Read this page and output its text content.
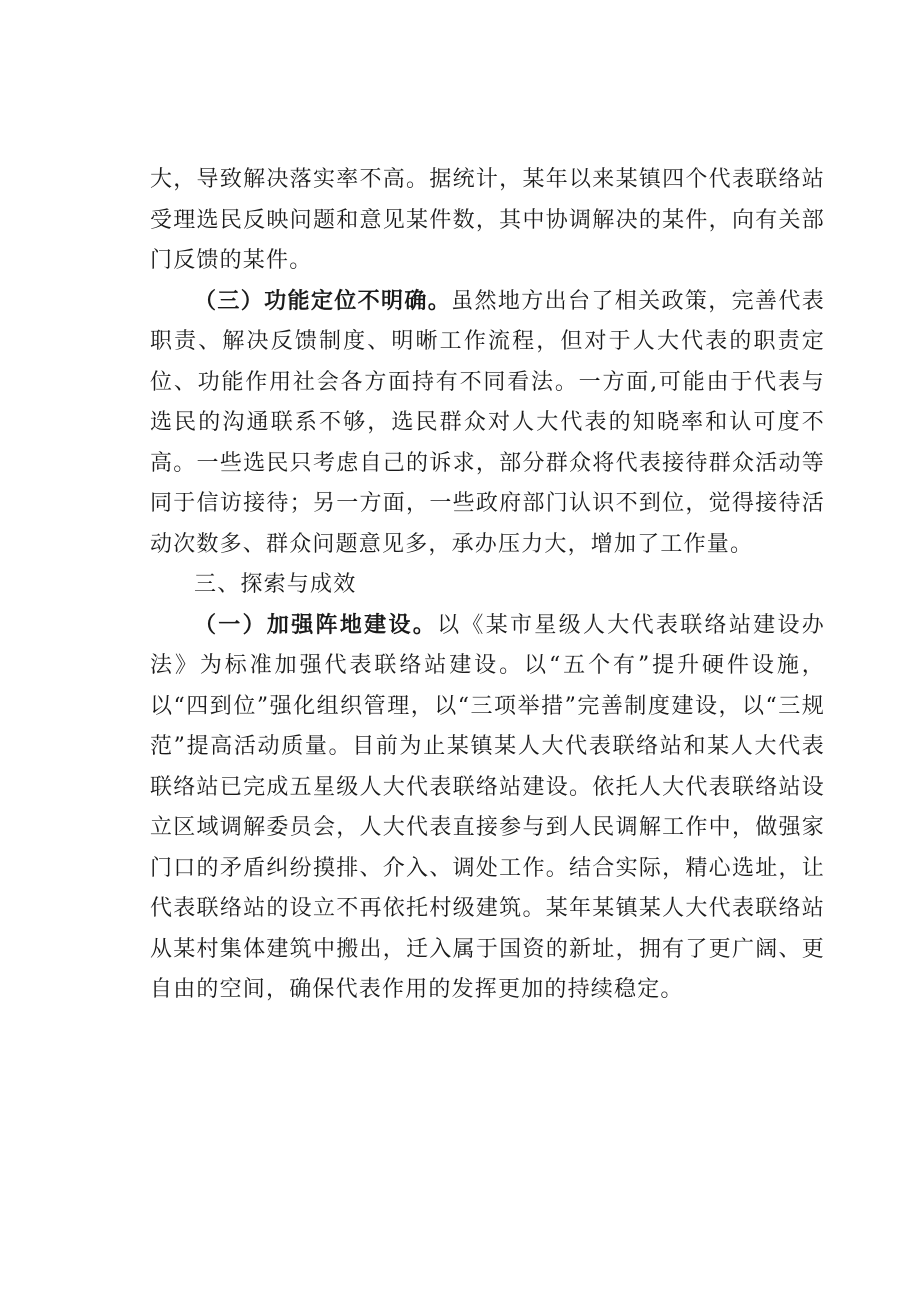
大，导致解决落实率不高。据统计，某年以来某镇四个代表联络站受理选民反映问题和意见某件数，其中协调解决的某件，向有关部门反馈的某件。

（三）功能定位不明确。虽然地方出台了相关政策，完善代表职责、解决反馈制度、明晰工作流程，但对于人大代表的职责定位、功能作用社会各方面持有不同看法。一方面,可能由于代表与选民的沟通联系不够，选民群众对人大代表的知晓率和认可度不高。一些选民只考虑自己的诉求，部分群众将代表接待群众活动等同于信访接待；另一方面，一些政府部门认识不到位，觉得接待活动次数多、群众问题意见多，承办压力大，增加了工作量。

三、探索与成效

（一）加强阵地建设。以《某市星级人大代表联络站建设办法》为标准加强代表联络站建设。以“五个有”提升硬件设施，以“四到位”强化组织管理，以“三项举措”完善制度建设，以“三规范”提高活动质量。目前为止某镇某人大代表联络站和某人大代表联络站已完成五星级人大代表联络站建设。依托人大代表联络站设立区域调解委员会，人大代表直接参与到人民调解工作中，做强家门口的矛盾纠纷摸排、介入、调处工作。结合实际，精心选址，让代表联络站的设立不再依托村级建筑。某年某镇某人大代表联络站从某村集体建筑中搬出，迁入属于国资的新址，拥有了更广阔、更自由的空间，确保代表作用的发挥更加的持续稳定。
